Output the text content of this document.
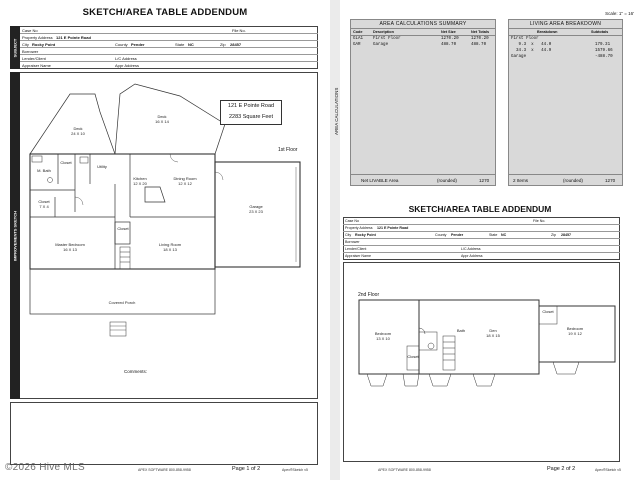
SKETCH/AREA TABLE ADDENDUM
SUBJECT
Case No	File No.
Property Address 121 E Pointe Road
City Rocky Point	County Pender	State NC	Zip 28457
Borrower
Lender/Client	L/C Address
Appraiser Name	Appr Address
IMPROVEMENTS SKETCH
Deck
24 X 10
Deck
16 X 14
M. Bath
Closet
Utility
Kitchen
12 X 20
Dining Room
12 X 12
Garage
23 X 23
Closet
7 X 4
Master Bedroom
16 X 13
Closet
Living Room
18 X 13
Covered Porch
121 E Pointe Road
2283 Square Feet
1st Floor
Comments:
APEX SOFTWARE 800-858-9958	Page 1 of 2	Apex®Sketch v5
Scale: 1" = 16'
AREA CALCULATIONS
AREA CALCULATIONS SUMMARY
Code	Description	Net Size	Net Totals
GLA1 First Floor	1270.20	1270.20
GAR	Garage	488.70	488.70
Net LIVABLE Area	(rounded)	1270
LIVING AREA BREAKDOWN
Breakdown	Subtotals
First Floor
9.3  x   44.0	179.31
34.3  x   44.9	1579.66
Garage	-488.70
2 Items	(rounded)	1270
SKETCH/AREA TABLE ADDENDUM
Case No	File No.
Property Address 121 E Pointe Road
City Rocky Point	County Pender	State NC	Zip 28457
Borrower
Lender/Client	L/C Address
Appraiser Name	Appr Address
2nd Floor
Bedroom
13 X 10
Den
18 X 15
Closet
Bedroom
19 X 12
Bath
Closet
APEX SOFTWARE 800-858-9958	Page 2 of 2	Apex®Sketch v5
©2026 Hive MLS
